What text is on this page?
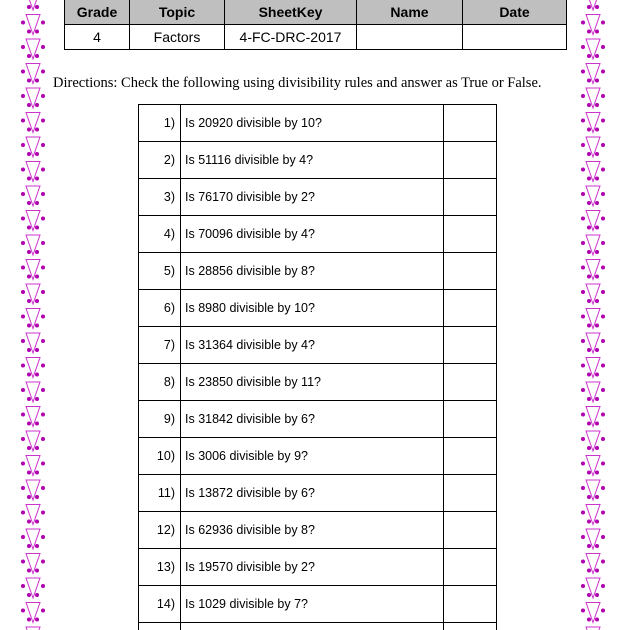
Grade	Topic	SheetKey	Name	Date
4	Factors	4-FC-DRC-2017		
Directions: Check the following using divisibility rules and answer as True or False.
1)	Is 20920 divisible by 10?	
2)	Is 51116 divisible by 4?	
3)	Is 76170 divisible by 2?	
4)	Is 70096 divisible by 4?	
5)	Is 28856 divisible by 8?	
6)	Is 8980 divisible by 10?	
7)	Is 31364 divisible by 4?	
8)	Is 23850 divisible by 11?	
9)	Is 31842 divisible by 6?	
10)	Is 3006 divisible by 9?	
11)	Is 13872 divisible by 6?	
12)	Is 62936 divisible by 8?	
13)	Is 19570 divisible by 2?	
14)	Is 1029 divisible by 7?	
